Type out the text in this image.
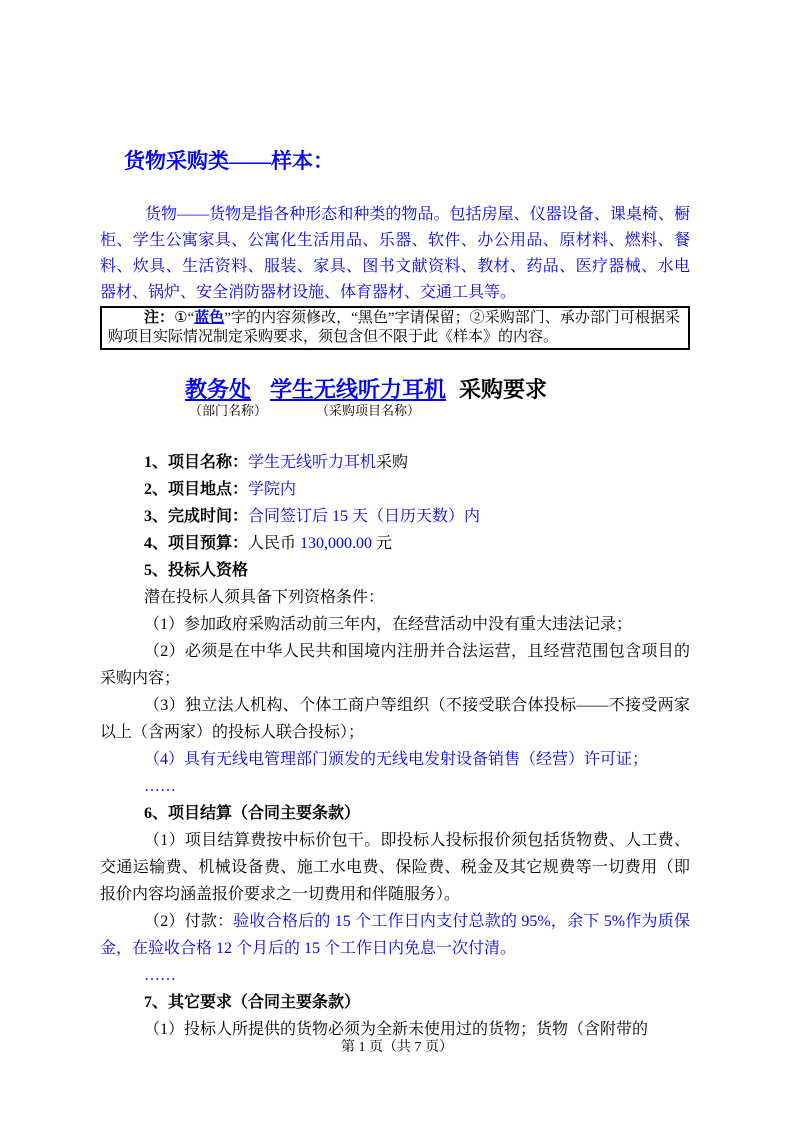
货物采购类——样本：

货物——货物是指各种形态和种类的物品。包括房屋、仪器设备、课桌椅、橱柜、学生公寓家具、公寓化生活用品、乐器、软件、办公用品、原材料、燃料、餐料、炊具、生活资料、服装、家具、图书文献资料、教材、药品、医疗器械、水电器材、锅炉、安全消防器材设施、体育器材、交通工具等。

注：①“蓝色”字的内容须修改，“黑色”字请保留；②采购部门、承办部门可根据采购项目实际情况制定采购要求，须包含但不限于此《样本》的内容。

教务处
（部门名称）
学生无线听力耳机
（采购项目名称）
采购要求

1、项目名称：学生无线听力耳机采购

2、项目地点：学院内

3、完成时间：合同签订后 15 天（日历天数）内

4、项目预算：人民币 130,000.00 元

5、投标人资格

潜在投标人须具备下列资格条件：

（1）参加政府采购活动前三年内，在经营活动中没有重大违法记录；

（2）必须是在中华人民共和国境内注册并合法运营，且经营范围包含项目的采购内容；

（3）独立法人机构、个体工商户等组织（不接受联合体投标——不接受两家以上（含两家）的投标人联合投标）；

（4）具有无线电管理部门颁发的无线电发射设备销售（经营）许可证；

……

6、项目结算（合同主要条款）

（1）项目结算费按中标价包干。即投标人投标报价须包括货物费、人工费、交通运输费、机械设备费、施工水电费、保险费、税金及其它规费等一切费用（即报价内容均涵盖报价要求之一切费用和伴随服务）。

（2）付款：验收合格后的 15 个工作日内支付总款的 95%，余下 5%作为质保金，在验收合格 12 个月后的 15 个工作日内免息一次付清。

……

7、其它要求（合同主要条款）

（1）投标人所提供的货物必须为全新未使用过的货物；货物（含附带的

第 1 页（共 7 页）
